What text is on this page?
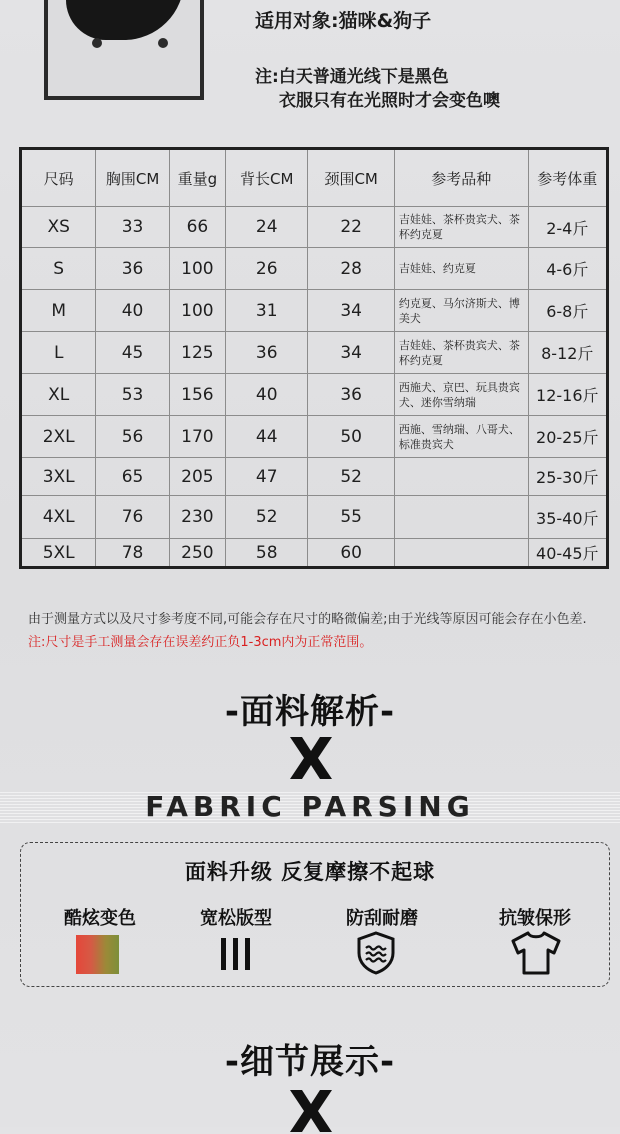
适用对象:猫咪&狗子
注:白天普通光线下是黑色
衣服只有在光照时才会变色噢
尺码	胸围CM	重量g	背长CM	颈围CM	参考品种	参考体重
XS	33	66	24	22	吉娃娃、茶杯贵宾犬、茶杯约克夏	2-4斤
S	36	100	26	28	吉娃娃、约克夏	4-6斤
M	40	100	31	34	约克夏、马尔济斯犬、博美犬	6-8斤
L	45	125	36	34	吉娃娃、茶杯贵宾犬、茶杯约克夏	8-12斤
XL	53	156	40	36	西施犬、京巴、玩具贵宾犬、迷你雪纳瑞	12-16斤
2XL	56	170	44	50	西施、雪纳瑞、八哥犬、标准贵宾犬	20-25斤
3XL	65	205	47	52		25-30斤
4XL	76	230	52	55		35-40斤
5XL	78	250	58	60		40-45斤
由于测量方式以及尺寸参考度不同,可能会存在尺寸的略微偏差;由于光线等原因可能会存在小色差.注:尺寸是手工测量会存在误差约正负1-3cm内为正常范围。
-面料解析-
FABRIC PARSING
面料升级 反复摩擦不起球
酷炫变色	宽松版型	防刮耐磨	抗皱保形
-细节展示-
